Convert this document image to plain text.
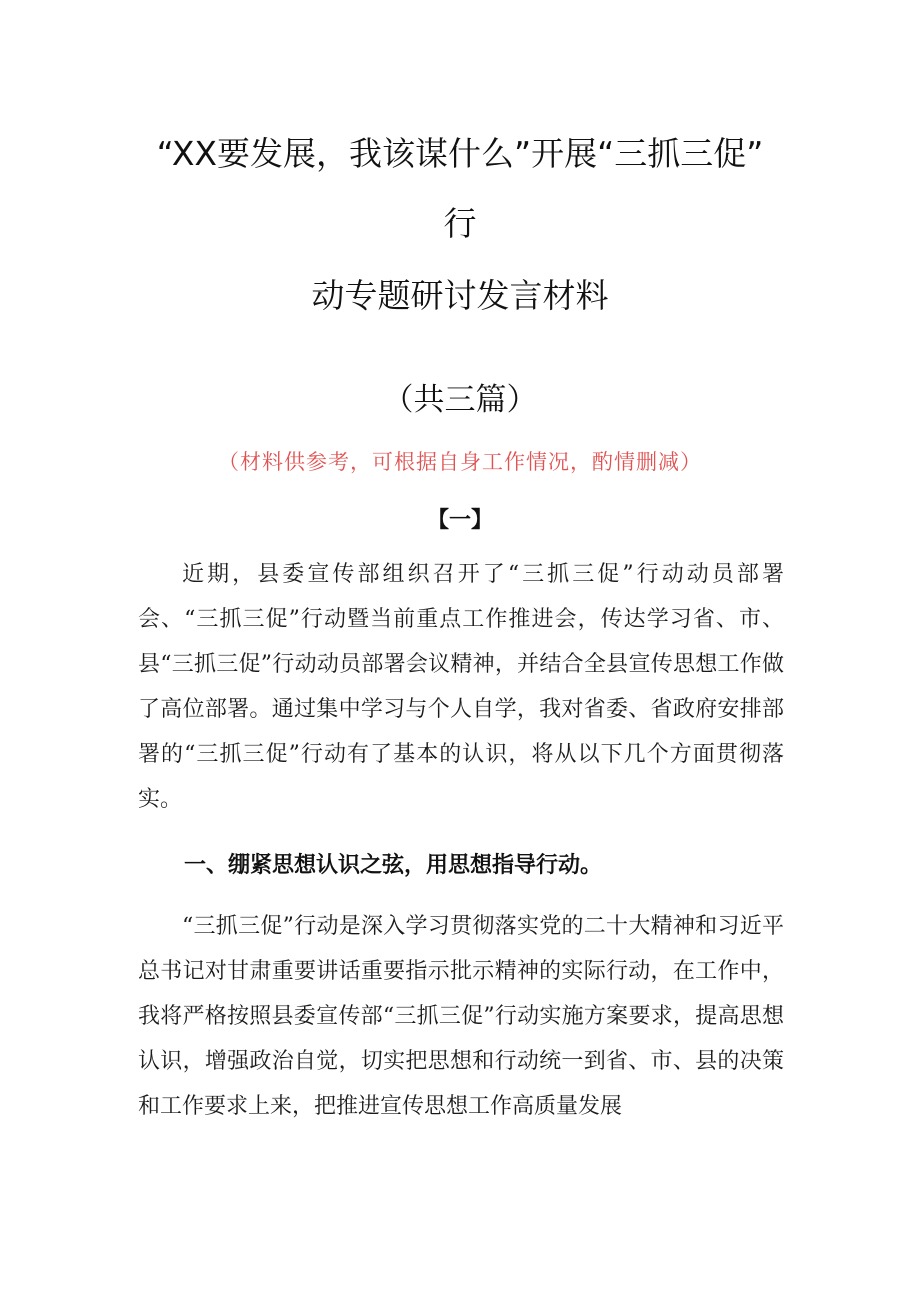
“XX要发展，我该谋什么”开展“三抓三促”
行
动专题研讨发言材料
（共三篇）
（材料供参考，可根据自身工作情况，酌情删减）
【一】
近期，县委宣传部组织召开了“三抓三促”行动动员部署会、“三抓三促”行动暨当前重点工作推进会，传达学习省、市、县“三抓三促”行动动员部署会议精神，并结合全县宣传思想工作做了高位部署。通过集中学习与个人自学，我对省委、省政府安排部署的“三抓三促”行动有了基本的认识，将从以下几个方面贯彻落实。
一、绷紧思想认识之弦，用思想指导行动。
“三抓三促”行动是深入学习贯彻落实党的二十大精神和习近平总书记对甘肃重要讲话重要指示批示精神的实际行动，在工作中，我将严格按照县委宣传部“三抓三促”行动实施方案要求，提高思想认识，增强政治自觉，切实把思想和行动统一到省、市、县的决策和工作要求上来，把推进宣传思想工作高质量发展
